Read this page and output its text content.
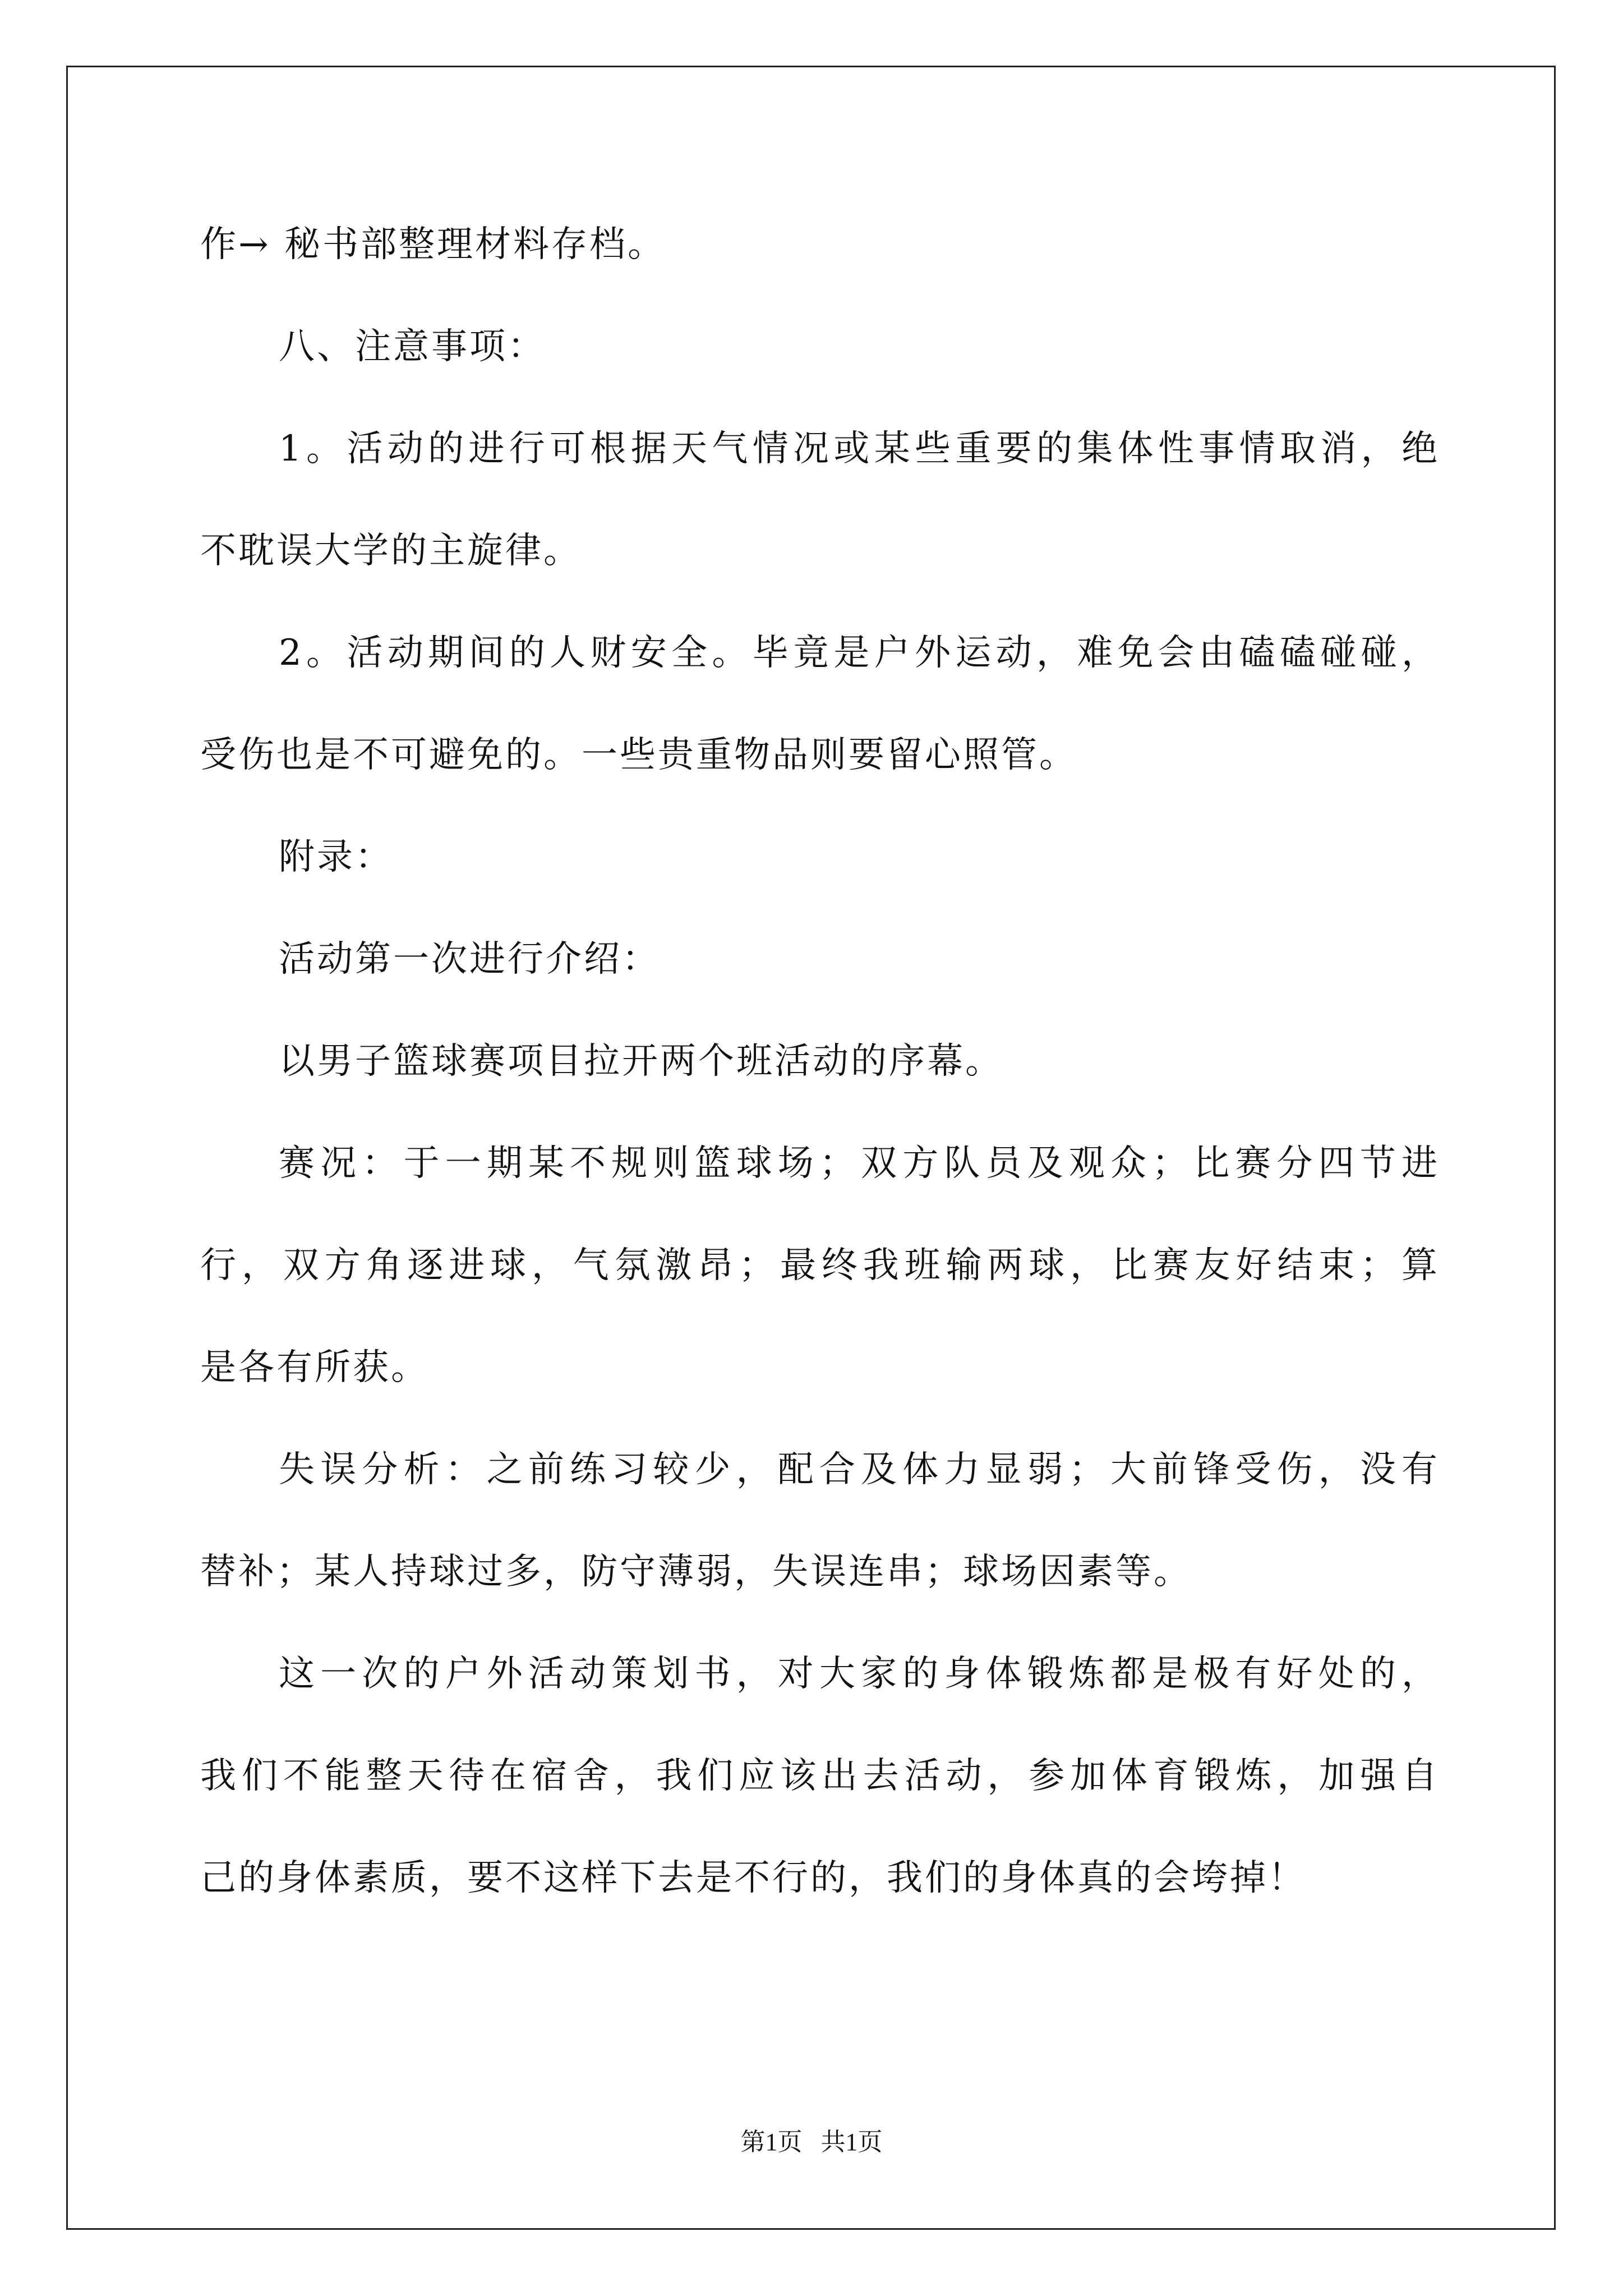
作→ 秘书部整理材料存档。
八、注意事项：
1。活动的进行可根据天气情况或某些重要的集体性事情取消，绝
不耽误大学的主旋律。
2。活动期间的人财安全。毕竟是户外运动，难免会由磕磕碰碰，
受伤也是不可避免的。一些贵重物品则要留心照管。
附录：
活动第一次进行介绍：
以男子篮球赛项目拉开两个班活动的序幕。
赛况：于一期某不规则篮球场；双方队员及观众；比赛分四节进
行，双方角逐进球，气氛激昂；最终我班输两球，比赛友好结束；算
是各有所获。
失误分析：之前练习较少，配合及体力显弱；大前锋受伤，没有
替补；某人持球过多，防守薄弱，失误连串；球场因素等。
这一次的户外活动策划书，对大家的身体锻炼都是极有好处的，
我们不能整天待在宿舍，我们应该出去活动，参加体育锻炼，加强自
己的身体素质，要不这样下去是不行的，我们的身体真的会垮掉！
第1页   共1页
